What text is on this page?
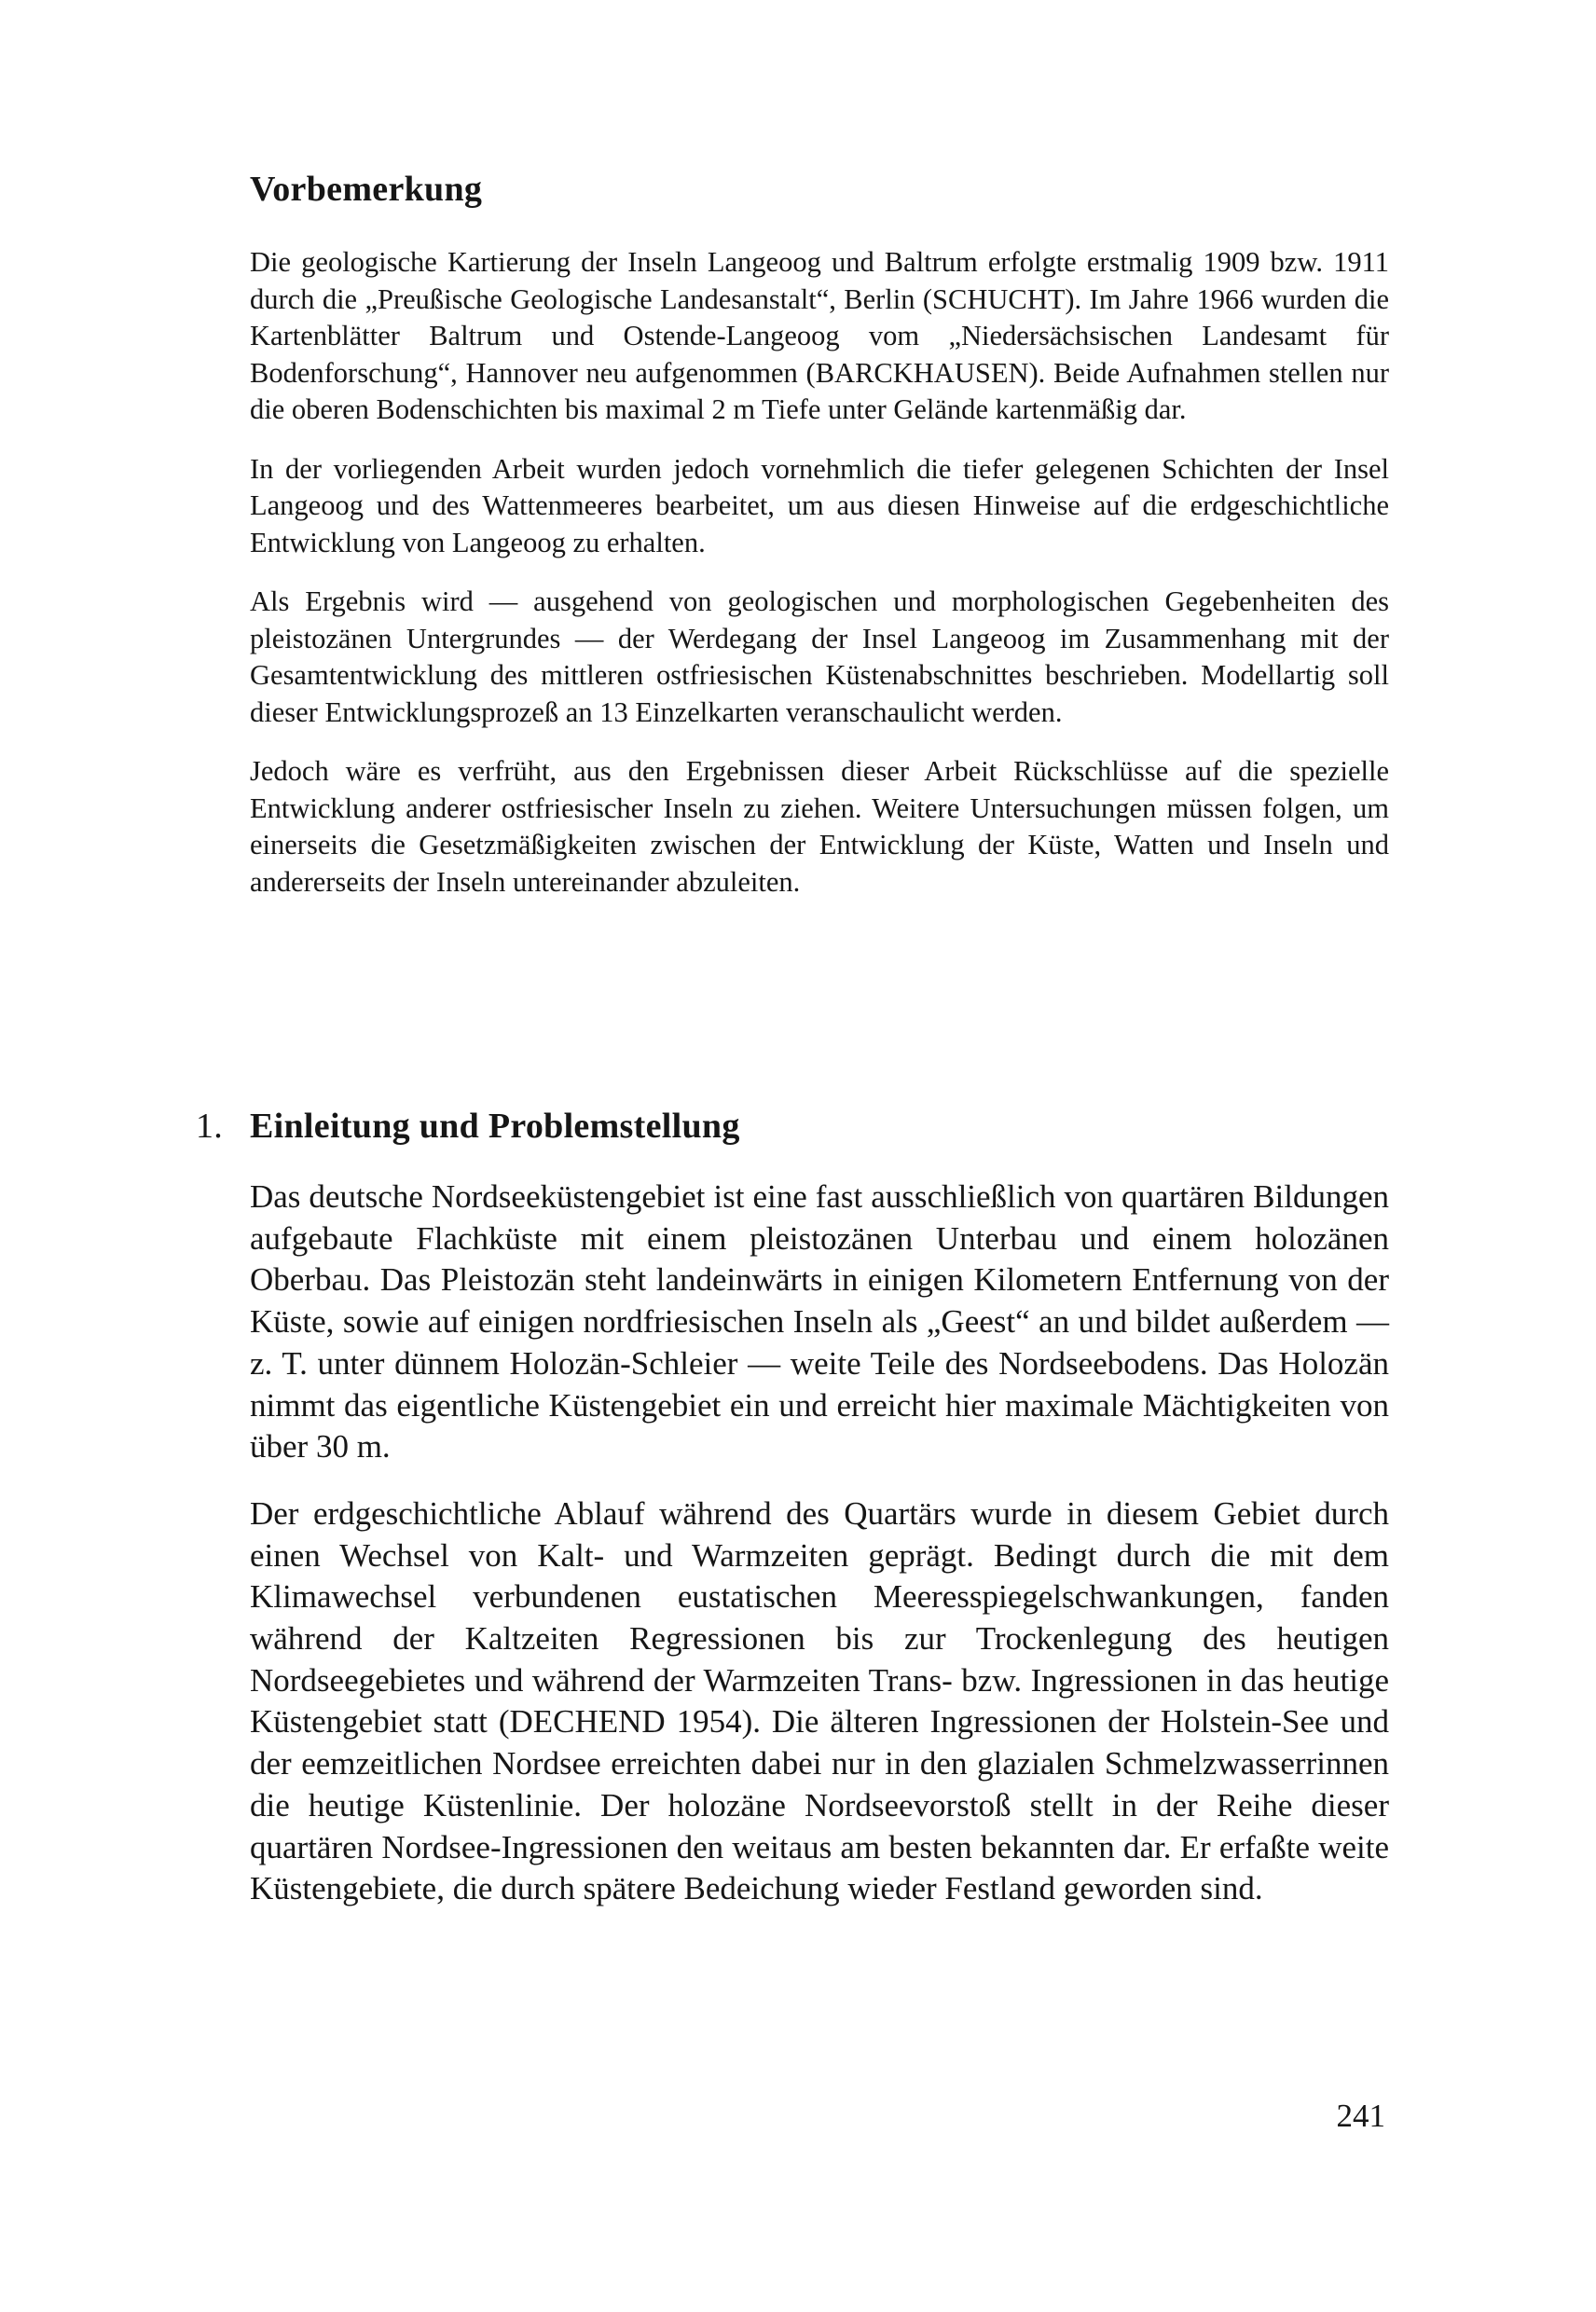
Vorbemerkung

Die geologische Kartierung der Inseln Langeoog und Baltrum erfolgte erstmalig 1909 bzw. 1911 durch die „Preußische Geologische Landesanstalt“, Berlin (SCHUCHT). Im Jahre 1966 wurden die Kartenblätter Baltrum und Ostende-Langeoog vom „Niedersächsischen Landesamt für Bodenforschung“, Hannover neu aufgenommen (BARCKHAUSEN). Beide Aufnahmen stellen nur die oberen Bodenschichten bis maximal 2 m Tiefe unter Gelände kartenmäßig dar.

In der vorliegenden Arbeit wurden jedoch vornehmlich die tiefer gelegenen Schichten der Insel Langeoog und des Wattenmeeres bearbeitet, um aus diesen Hinweise auf die erdgeschichtliche Entwicklung von Langeoog zu erhalten.

Als Ergebnis wird — ausgehend von geologischen und morphologischen Gegebenheiten des pleistozänen Untergrundes — der Werdegang der Insel Langeoog im Zusammenhang mit der Gesamtentwicklung des mittleren ostfriesischen Küstenabschnittes beschrieben. Modellartig soll dieser Entwicklungsprozeß an 13 Einzelkarten veranschaulicht werden.

Jedoch wäre es verfrüht, aus den Ergebnissen dieser Arbeit Rückschlüsse auf die spezielle Entwicklung anderer ostfriesischer Inseln zu ziehen. Weitere Untersuchungen müssen folgen, um einerseits die Gesetzmäßigkeiten zwischen der Entwicklung der Küste, Watten und Inseln und andererseits der Inseln untereinander abzuleiten.

1. Einleitung und Problemstellung

Das deutsche Nordseeküstengebiet ist eine fast ausschließlich von quartären Bildungen aufgebaute Flachküste mit einem pleistozänen Unterbau und einem holozänen Oberbau. Das Pleistozän steht landeinwärts in einigen Kilometern Entfernung von der Küste, sowie auf einigen nordfriesischen Inseln als „Geest“ an und bildet außerdem — z. T. unter dünnem Holozän-Schleier — weite Teile des Nordseebodens. Das Holozän nimmt das eigentliche Küstengebiet ein und erreicht hier maximale Mächtigkeiten von über 30 m.

Der erdgeschichtliche Ablauf während des Quartärs wurde in diesem Gebiet durch einen Wechsel von Kalt- und Warmzeiten geprägt. Bedingt durch die mit dem Klimawechsel verbundenen eustatischen Meeresspiegelschwankungen, fanden während der Kaltzeiten Regressionen bis zur Trockenlegung des heutigen Nordseegebietes und während der Warmzeiten Trans- bzw. Ingressionen in das heutige Küstengebiet statt (DECHEND 1954). Die älteren Ingressionen der Holstein-See und der eemzeitlichen Nordsee erreichten dabei nur in den glazialen Schmelzwasserrinnen die heutige Küstenlinie. Der holozäne Nordseevorstoß stellt in der Reihe dieser quartären Nordsee-Ingressionen den weitaus am besten bekannten dar. Er erfaßte weite Küstengebiete, die durch spätere Bedeichung wieder Festland geworden sind.

241
